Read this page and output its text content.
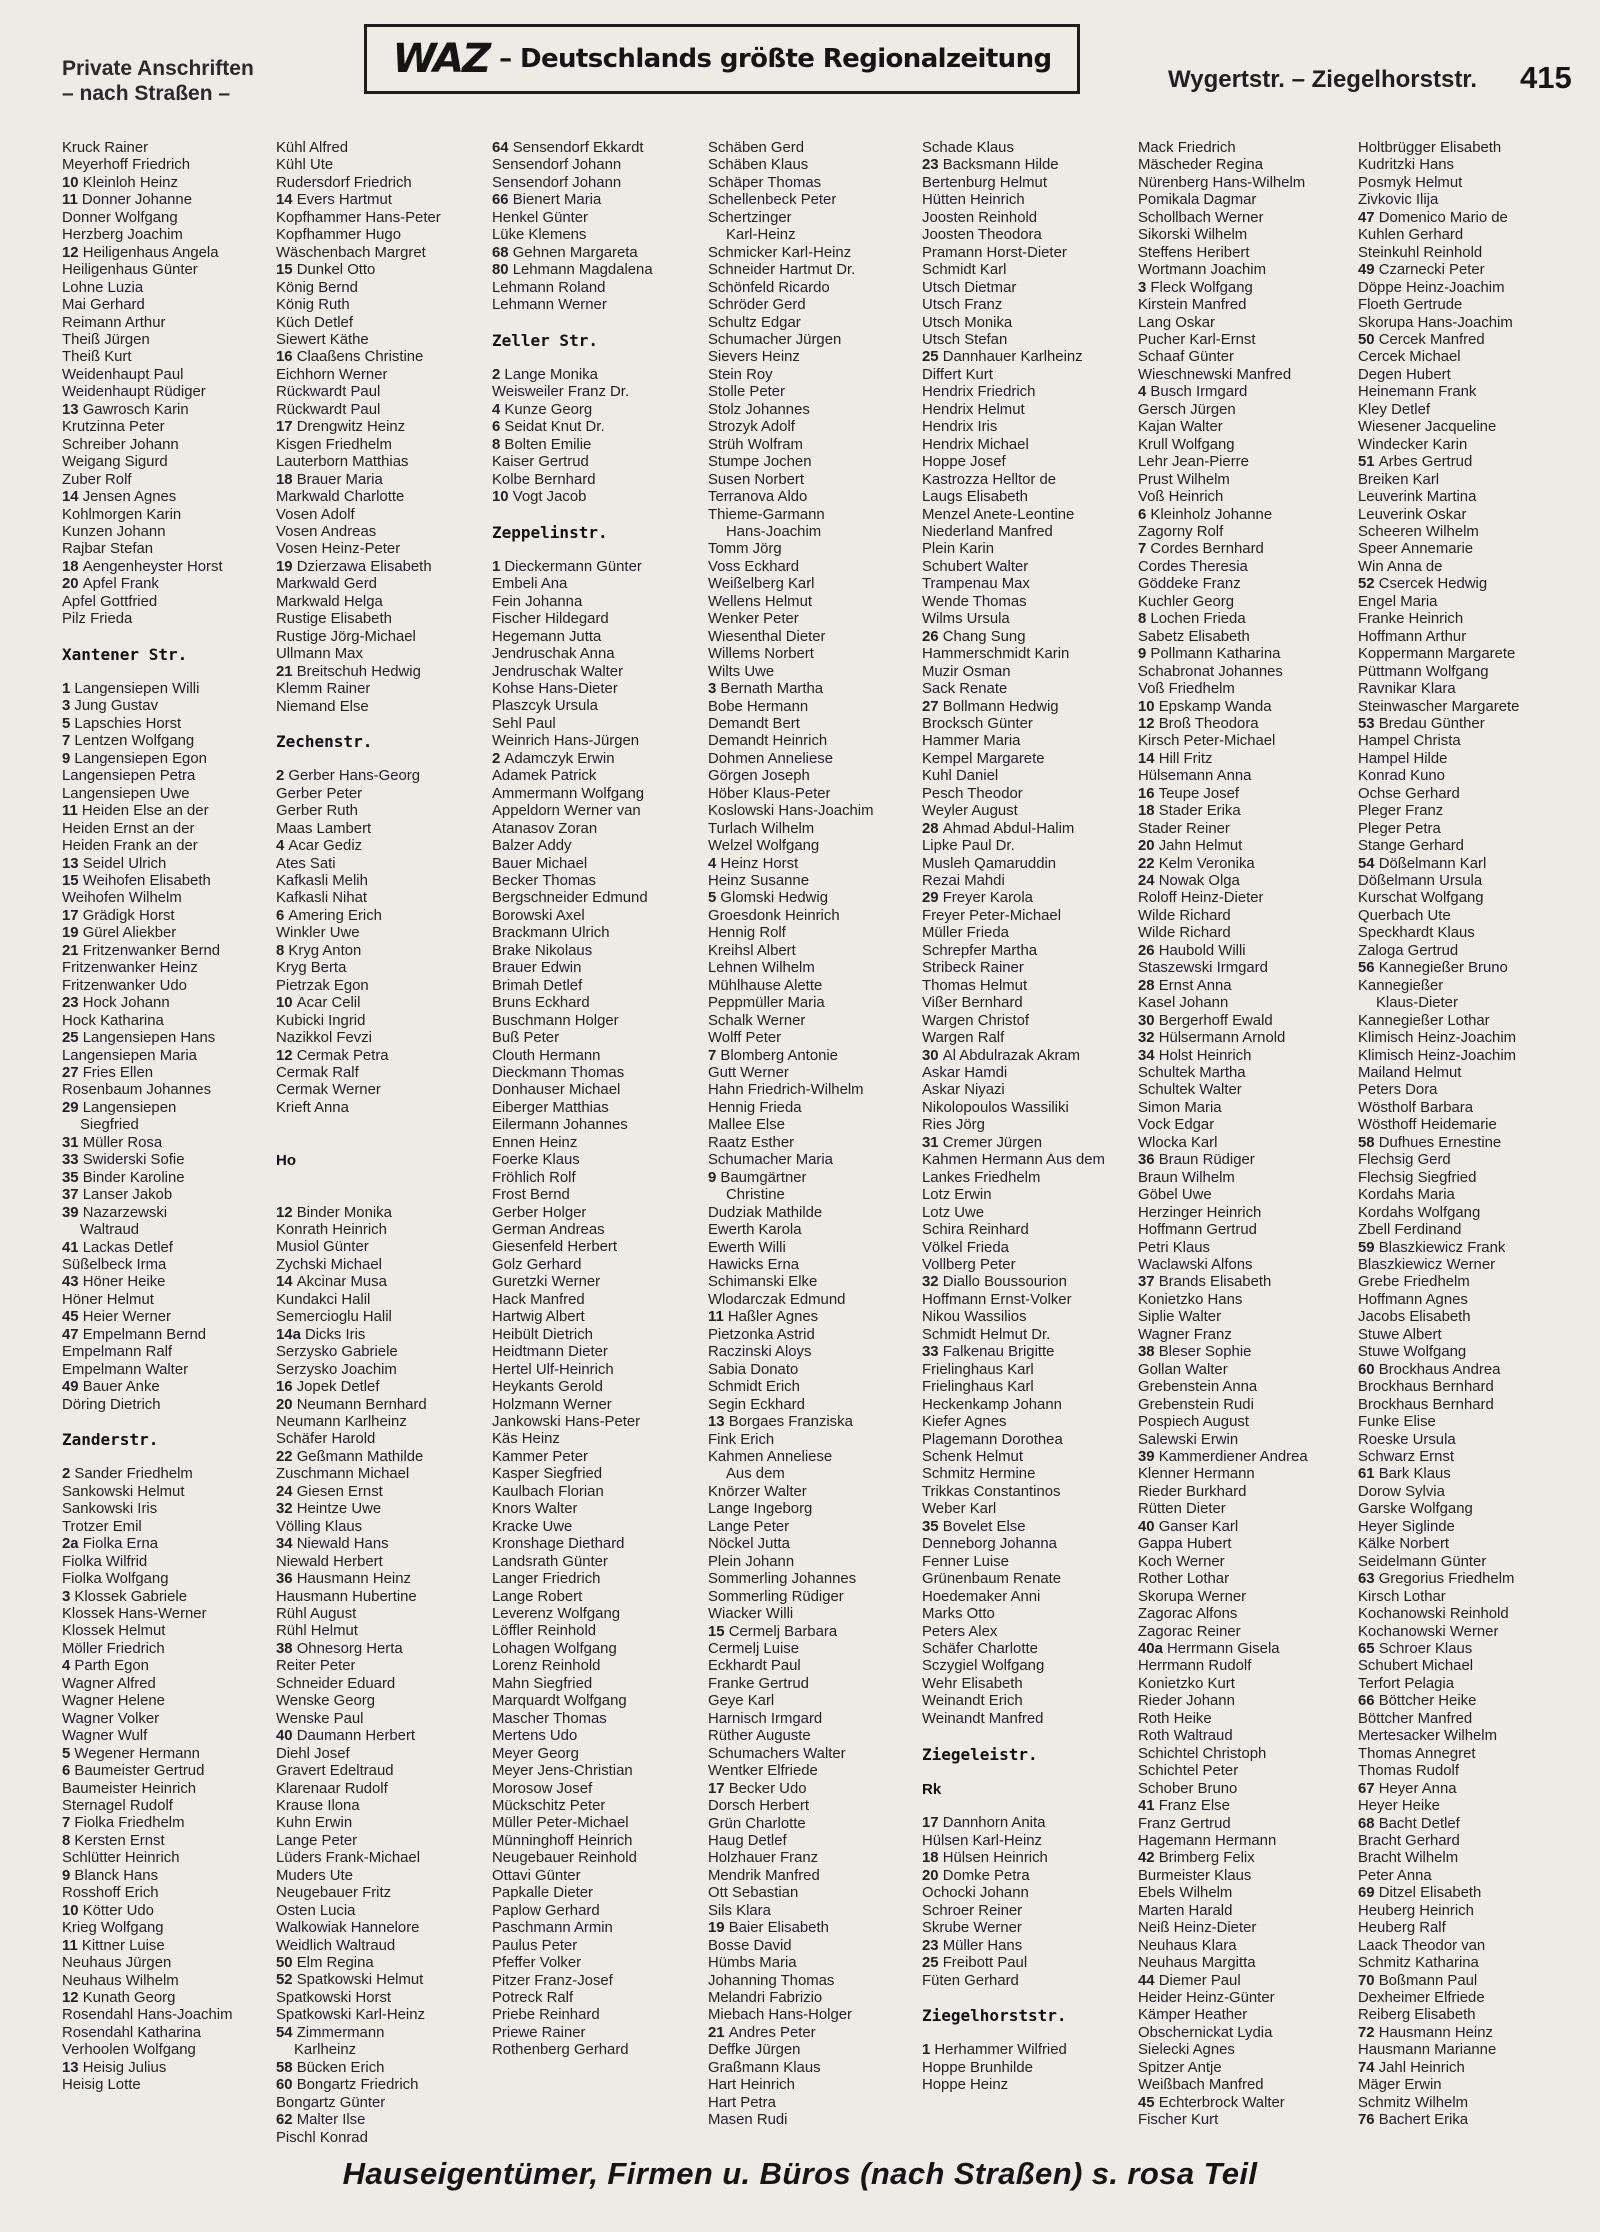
Private Anschriften
– nach Straßen –
WAZ – Deutschlands größte Regionalzeitung
Wygertstr. – Ziegelhorststr. 415
Kruck Rainer
Meyerhoff Friedrich
10 Kleinloh Heinz
11 Donner Johanne
Donner Wolfgang
Herzberg Joachim
12 Heiligenhaus Angela
Heiligenhaus Günter
Lohne Luzia
Mai Gerhard
Reimann Arthur
Theiß Jürgen
Theiß Kurt
Weidenhaupt Paul
Weidenhaupt Rüdiger
13 Gawrosch Karin
Krutzinna Peter
Schreiber Johann
Weigang Sigurd
Zuber Rolf
14 Jensen Agnes
Kohlmorgen Karin
Kunzen Johann
Rajbar Stefan
18 Aengenheyster Horst
20 Apfel Frank
Apfel Gottfried
Pilz Frieda
Xantener Str.
1 Langensiepen Willi
3 Jung Gustav
5 Lapschies Horst
7 Lentzen Wolfgang
9 Langensiepen Egon
Langensiepen Petra
Langensiepen Uwe
11 Heiden Else an der
Heiden Ernst an der
Heiden Frank an der
13 Seidel Ulrich
15 Weihofen Elisabeth
Weihofen Wilhelm
17 Grädigk Horst
19 Gürel Aliekber
21 Fritzenwanker Bernd
Fritzenwanker Heinz
Fritzenwanker Udo
23 Hock Johann
Hock Katharina
25 Langensiepen Hans
Langensiepen Maria
27 Fries Ellen
Rosenbaum Johannes
29 Langensiepen
Siegfried
31 Müller Rosa
33 Swiderski Sofie
35 Binder Karoline
37 Lanser Jakob
39 Nazarzewski
Waltraud
41 Lackas Detlef
Süßelbeck Irma
43 Höner Heike
Höner Helmut
45 Heier Werner
47 Empelmann Bernd
Empelmann Ralf
Empelmann Walter
49 Bauer Anke
Döring Dietrich
Zanderstr.
2 Sander Friedhelm
Sankowski Helmut
Sankowski Iris
Trotzer Emil
2a Fiolka Erna
Fiolka Wilfrid
Fiolka Wolfgang
3 Klossek Gabriele
Klossek Hans-Werner
Klossek Helmut
Möller Friedrich
4 Parth Egon
Wagner Alfred
Wagner Helene
Wagner Volker
Wagner Wulf
5 Wegener Hermann
6 Baumeister Gertrud
Baumeister Heinrich
Sternagel Rudolf
7 Fiolka Friedhelm
8 Kersten Ernst
Schlütter Heinrich
9 Blanck Hans
Rosshoff Erich
10 Kötter Udo
Krieg Wolfgang
11 Kittner Luise
Neuhaus Jürgen
Neuhaus Wilhelm
12 Kunath Georg
Rosendahl Hans-Joachim
Rosendahl Katharina
Verhoolen Wolfgang
13 Heisig Julius
Heisig Lotte
Kühl Alfred
Kühl Ute
Rudersdorf Friedrich
14 Evers Hartmut
Kopfhammer Hans-Peter
Kopfhammer Hugo
Wäschenbach Margret
15 Dunkel Otto
König Bernd
König Ruth
Küch Detlef
Siewert Käthe
16 Claaßens Christine
Eichhorn Werner
Rückwardt Paul
Rückwardt Paul
17 Drengwitz Heinz
Kisgen Friedhelm
Lauterborn Matthias
18 Brauer Maria
Markwald Charlotte
Vosen Adolf
Vosen Andreas
Vosen Heinz-Peter
19 Dzierzawa Elisabeth
Markwald Gerd
Markwald Helga
Rustige Elisabeth
Rustige Jörg-Michael
Ullmann Max
21 Breitschuh Hedwig
Klemm Rainer
Niemand Else
Zechenstr.
2 Gerber Hans-Georg
Gerber Peter
Gerber Ruth
Maas Lambert
4 Acar Gediz
Ates Sati
Kafkasli Melih
Kafkasli Nihat
6 Amering Erich
Winkler Uwe
8 Kryg Anton
Kryg Berta
Pietrzak Egon
10 Acar Celil
Kubicki Ingrid
Nazikkol Fevzi
12 Cermak Petra
Cermak Ralf
Cermak Werner
Krieft Anna
Ho
12 Binder Monika
Konrath Heinrich
Musiol Günter
Zychski Michael
14 Akcinar Musa
Kundakci Halil
Semercioglu Halil
14a Dicks Iris
Serzysko Gabriele
Serzysko Joachim
16 Jopek Detlef
20 Neumann Bernhard
Neumann Karlheinz
Schäfer Harold
22 Geßmann Mathilde
Zuschmann Michael
24 Giesen Ernst
32 Heintze Uwe
Völling Klaus
34 Niewald Hans
Niewald Herbert
36 Hausmann Heinz
Hausmann Hubertine
Rühl August
Rühl Helmut
38 Ohnesorg Herta
Reiter Peter
Schneider Eduard
Wenske Georg
Wenske Paul
40 Daumann Herbert
Diehl Josef
Gravert Edeltraud
Klarenaar Rudolf
Krause Ilona
Kuhn Erwin
Lange Peter
Lüders Frank-Michael
Muders Ute
Neugebauer Fritz
Osten Lucia
Walkowiak Hannelore
Weidlich Waltraud
50 Elm Regina
52 Spatkowski Helmut
Spatkowski Horst
Spatkowski Karl-Heinz
54 Zimmermann
Karlheinz
58 Bücken Erich
60 Bongartz Friedrich
Bongartz Günter
62 Malter Ilse
Pischl Konrad
64 Sensendorf Ekkardt
Sensendorf Johann
Sensendorf Johann
66 Bienert Maria
Henkel Günter
Lüke Klemens
68 Gehnen Margareta
80 Lehmann Magdalena
Lehmann Roland
Lehmann Werner
Zeller Str.
2 Lange Monika
Weisweiler Franz Dr.
4 Kunze Georg
6 Seidat Knut Dr.
8 Bolten Emilie
Kaiser Gertrud
Kolbe Bernhard
10 Vogt Jacob
Zeppelinstr.
1 Dieckermann Günter
Embeli Ana
Fein Johanna
Fischer Hildegard
Hegemann Jutta
Jendruschak Anna
Jendruschak Walter
Kohse Hans-Dieter
Plaszcyk Ursula
Sehl Paul
Weinrich Hans-Jürgen
2 Adamczyk Erwin
Adamek Patrick
Ammermann Wolfgang
Appeldorn Werner van
Atanasov Zoran
Balzer Addy
Bauer Michael
Becker Thomas
Bergschneider Edmund
Borowski Axel
Brackmann Ulrich
Brake Nikolaus
Brauer Edwin
Brimah Detlef
Bruns Eckhard
Buschmann Holger
Buß Peter
Clouth Hermann
Dieckmann Thomas
Donhauser Michael
Eiberger Matthias
Eilermann Johannes
Ennen Heinz
Foerke Klaus
Fröhlich Rolf
Frost Bernd
Gerber Holger
German Andreas
Giesenfeld Herbert
Golz Gerhard
Guretzki Werner
Hack Manfred
Hartwig Albert
Heibült Dietrich
Heidtmann Dieter
Hertel Ulf-Heinrich
Heykants Gerold
Holzmann Werner
Jankowski Hans-Peter
Käs Heinz
Kammer Peter
Kasper Siegfried
Kaulbach Florian
Knors Walter
Kracke Uwe
Kronshage Diethard
Landsrath Günter
Langer Friedrich
Lange Robert
Leverenz Wolfgang
Löffler Reinhold
Lohagen Wolfgang
Lorenz Reinhold
Mahn Siegfried
Marquardt Wolfgang
Mascher Thomas
Mertens Udo
Meyer Georg
Meyer Jens-Christian
Morosow Josef
Mückschitz Peter
Müller Peter-Michael
Münninghoff Heinrich
Neugebauer Reinhold
Ottavi Günter
Papkalle Dieter
Paplow Gerhard
Paschmann Armin
Paulus Peter
Pfeffer Volker
Pitzer Franz-Josef
Potreck Ralf
Priebe Reinhard
Priewe Rainer
Rothenberg Gerhard
Schäben Gerd
Schäben Klaus
Schäper Thomas
Schellenbeck Peter
Schertzinger
Karl-Heinz
Schmicker Karl-Heinz
Schneider Hartmut Dr.
Schönfeld Ricardo
Schröder Gerd
Schultz Edgar
Schumacher Jürgen
Sievers Heinz
Stein Roy
Stolle Peter
Stolz Johannes
Strozyk Adolf
Strüh Wolfram
Stumpe Jochen
Susen Norbert
Terranova Aldo
Thieme-Garmann
Hans-Joachim
Tomm Jörg
Voss Eckhard
Weißelberg Karl
Wellens Helmut
Wenker Peter
Wiesenthal Dieter
Willems Norbert
Wilts Uwe
3 Bernath Martha
Bobe Hermann
Demandt Bert
Demandt Heinrich
Dohmen Anneliese
Görgen Joseph
Höber Klaus-Peter
Koslowski Hans-Joachim
Turlach Wilhelm
Welzel Wolfgang
4 Heinz Horst
Heinz Susanne
5 Glomski Hedwig
Groesdonk Heinrich
Hennig Rolf
Kreihsl Albert
Lehnen Wilhelm
Mühlhause Alette
Peppmüller Maria
Schalk Werner
Wolff Peter
7 Blomberg Antonie
Gutt Werner
Hahn Friedrich-Wilhelm
Hennig Frieda
Mallee Else
Raatz Esther
Schumacher Maria
9 Baumgärtner
Christine
Dudziak Mathilde
Ewerth Karola
Ewerth Willi
Hawicks Erna
Schimanski Elke
Wlodarczak Edmund
11 Haßler Agnes
Pietzonka Astrid
Raczinski Aloys
Sabia Donato
Schmidt Erich
Segin Eckhard
13 Borgaes Franziska
Fink Erich
Kahmen Anneliese
Aus dem
Knörzer Walter
Lange Ingeborg
Lange Peter
Nöckel Jutta
Plein Johann
Sommerling Johannes
Sommerling Rüdiger
Wiacker Willi
15 Cermelj Barbara
Cermelj Luise
Eckhardt Paul
Franke Gertrud
Geye Karl
Harnisch Irmgard
Rüther Auguste
Schumachers Walter
Wentker Elfriede
17 Becker Udo
Dorsch Herbert
Grün Charlotte
Haug Detlef
Holzhauer Franz
Mendrik Manfred
Ott Sebastian
Sils Klara
19 Baier Elisabeth
Bosse David
Hümbs Maria
Johanning Thomas
Melandri Fabrizio
Miebach Hans-Holger
21 Andres Peter
Deffke Jürgen
Graßmann Klaus
Hart Heinrich
Hart Petra
Masen Rudi
Schade Klaus
23 Backsmann Hilde
Bertenburg Helmut
Hütten Heinrich
Joosten Reinhold
Joosten Theodora
Pramann Horst-Dieter
Schmidt Karl
Utsch Dietmar
Utsch Franz
Utsch Monika
Utsch Stefan
25 Dannhauer Karlheinz
Differt Kurt
Hendrix Friedrich
Hendrix Helmut
Hendrix Iris
Hendrix Michael
Hoppe Josef
Kastrozza Helltor de
Laugs Elisabeth
Menzel Anete-Leontine
Niederland Manfred
Plein Karin
Schubert Walter
Trampenau Max
Wende Thomas
Wilms Ursula
26 Chang Sung
Hammerschmidt Karin
Muzir Osman
Sack Renate
27 Bollmann Hedwig
Brocksch Günter
Hammer Maria
Kempel Margarete
Kuhl Daniel
Pesch Theodor
Weyler August
28 Ahmad Abdul-Halim
Lipke Paul Dr.
Musleh Qamaruddin
Rezai Mahdi
29 Freyer Karola
Freyer Peter-Michael
Müller Frieda
Schrepfer Martha
Stribeck Rainer
Thomas Helmut
Vißer Bernhard
Wargen Christof
Wargen Ralf
30 Al Abdulrazak Akram
Askar Hamdi
Askar Niyazi
Nikolopoulos Wassiliki
Ries Jörg
31 Cremer Jürgen
Kahmen Hermann Aus dem
Lankes Friedhelm
Lotz Erwin
Lotz Uwe
Schira Reinhard
Völkel Frieda
Vollberg Peter
32 Diallo Boussourion
Hoffmann Ernst-Volker
Nikou Wassilios
Schmidt Helmut Dr.
33 Falkenau Brigitte
Frielinghaus Karl
Frielinghaus Karl
Heckenkamp Johann
Kiefer Agnes
Plagemann Dorothea
Schenk Helmut
Schmitz Hermine
Trikkas Constantinos
Weber Karl
35 Bovelet Else
Denneborg Johanna
Fenner Luise
Grünenbaum Renate
Hoedemaker Anni
Marks Otto
Peters Alex
Schäfer Charlotte
Sczygiel Wolfgang
Wehr Elisabeth
Weinandt Erich
Weinandt Manfred
Ziegeleistr.
Rk
17 Dannhorn Anita
Hülsen Karl-Heinz
18 Hülsen Heinrich
20 Domke Petra
Ochocki Johann
Schroer Reiner
Skrube Werner
23 Müller Hans
25 Freibott Paul
Füten Gerhard
Ziegelhorststr.
1 Herhammer Wilfried
Hoppe Brunhilde
Hoppe Heinz
Mack Friedrich
Mäscheder Regina
Nürenberg Hans-Wilhelm
Pomikala Dagmar
Schollbach Werner
Sikorski Wilhelm
Steffens Heribert
Wortmann Joachim
3 Fleck Wolfgang
Kirstein Manfred
Lang Oskar
Pucher Karl-Ernst
Schaaf Günter
Wieschnewski Manfred
4 Busch Irmgard
Gersch Jürgen
Kajan Walter
Krull Wolfgang
Lehr Jean-Pierre
Prust Wilhelm
Voß Heinrich
6 Kleinholz Johanne
Zagorny Rolf
7 Cordes Bernhard
Cordes Theresia
Göddeke Franz
Kuchler Georg
8 Lochen Frieda
Sabetz Elisabeth
9 Pollmann Katharina
Schabronat Johannes
Voß Friedhelm
10 Epskamp Wanda
12 Broß Theodora
Kirsch Peter-Michael
14 Hill Fritz
Hülsemann Anna
16 Teupe Josef
18 Stader Erika
Stader Reiner
20 Jahn Helmut
22 Kelm Veronika
24 Nowak Olga
Roloff Heinz-Dieter
Wilde Richard
Wilde Richard
26 Haubold Willi
Staszewski Irmgard
28 Ernst Anna
Kasel Johann
30 Bergerhoff Ewald
32 Hülsermann Arnold
34 Holst Heinrich
Schultek Martha
Schultek Walter
Simon Maria
Vock Edgar
Wlocka Karl
36 Braun Rüdiger
Braun Wilhelm
Göbel Uwe
Herzinger Heinrich
Hoffmann Gertrud
Petri Klaus
Waclawski Alfons
37 Brands Elisabeth
Konietzko Hans
Siplie Walter
Wagner Franz
38 Bleser Sophie
Gollan Walter
Grebenstein Anna
Grebenstein Rudi
Pospiech August
Salewski Erwin
39 Kammerdiener Andrea
Klenner Hermann
Rieder Burkhard
Rütten Dieter
40 Ganser Karl
Gappa Hubert
Koch Werner
Rother Lothar
Skorupa Werner
Zagorac Alfons
Zagorac Reiner
40a Herrmann Gisela
Herrmann Rudolf
Konietzko Kurt
Rieder Johann
Roth Heike
Roth Waltraud
Schichtel Christoph
Schichtel Peter
Schober Bruno
41 Franz Else
Franz Gertrud
Hagemann Hermann
42 Brimberg Felix
Burmeister Klaus
Ebels Wilhelm
Marten Harald
Neiß Heinz-Dieter
Neuhaus Klara
Neuhaus Margitta
44 Diemer Paul
Heider Heinz-Günter
Kämper Heather
Obschernickat Lydia
Sielecki Agnes
Spitzer Antje
Weißbach Manfred
45 Echterbrock Walter
Fischer Kurt
Holtbrügger Elisabeth
Kudritzki Hans
Posmyk Helmut
Zivkovic Ilija
47 Domenico Mario de
Kuhlen Gerhard
Steinkuhl Reinhold
49 Czarnecki Peter
Döppe Heinz-Joachim
Floeth Gertrude
Skorupa Hans-Joachim
50 Cercek Manfred
Cercek Michael
Degen Hubert
Heinemann Frank
Kley Detlef
Wiesener Jacqueline
Windecker Karin
51 Arbes Gertrud
Breiken Karl
Leuverink Martina
Leuverink Oskar
Scheeren Wilhelm
Speer Annemarie
Win Anna de
52 Csercek Hedwig
Engel Maria
Franke Heinrich
Hoffmann Arthur
Koppermann Margarete
Püttmann Wolfgang
Ravnikar Klara
Steinwascher Margarete
53 Bredau Günther
Hampel Christa
Hampel Hilde
Konrad Kuno
Ochse Gerhard
Pleger Franz
Pleger Petra
Stange Gerhard
54 Dößelmann Karl
Dößelmann Ursula
Kurschat Wolfgang
Querbach Ute
Speckhardt Klaus
Zaloga Gertrud
56 Kannegießer Bruno
Kannegießer
Klaus-Dieter
Kannegießer Lothar
Klimisch Heinz-Joachim
Klimisch Heinz-Joachim
Mailand Helmut
Peters Dora
Wöstholf Barbara
Wösthoff Heidemarie
58 Dufhues Ernestine
Flechsig Gerd
Flechsig Siegfried
Kordahs Maria
Kordahs Wolfgang
Zbell Ferdinand
59 Blaszkiewicz Frank
Blaszkiewicz Werner
Grebe Friedhelm
Hoffmann Agnes
Jacobs Elisabeth
Stuwe Albert
Stuwe Wolfgang
60 Brockhaus Andrea
Brockhaus Bernhard
Brockhaus Bernhard
Funke Elise
Roeske Ursula
Schwarz Ernst
61 Bark Klaus
Dorow Sylvia
Garske Wolfgang
Heyer Siglinde
Kälke Norbert
Seidelmann Günter
63 Gregorius Friedhelm
Kirsch Lothar
Kochanowski Reinhold
Kochanowski Werner
65 Schroer Klaus
Schubert Michael
Terfort Pelagia
66 Böttcher Heike
Böttcher Manfred
Mertesacker Wilhelm
Thomas Annegret
Thomas Rudolf
67 Heyer Anna
Heyer Heike
68 Bacht Detlef
Bracht Gerhard
Bracht Wilhelm
Peter Anna
69 Ditzel Elisabeth
Heuberg Heinrich
Heuberg Ralf
Laack Theodor van
Schmitz Katharina
70 Boßmann Paul
Dexheimer Elfriede
Reiberg Elisabeth
72 Hausmann Heinz
Hausmann Marianne
74 Jahl Heinrich
Mäger Erwin
Schmitz Wilhelm
76 Bachert Erika
Hauseigentümer, Firmen u. Büros (nach Straßen) s. rosa Teil
